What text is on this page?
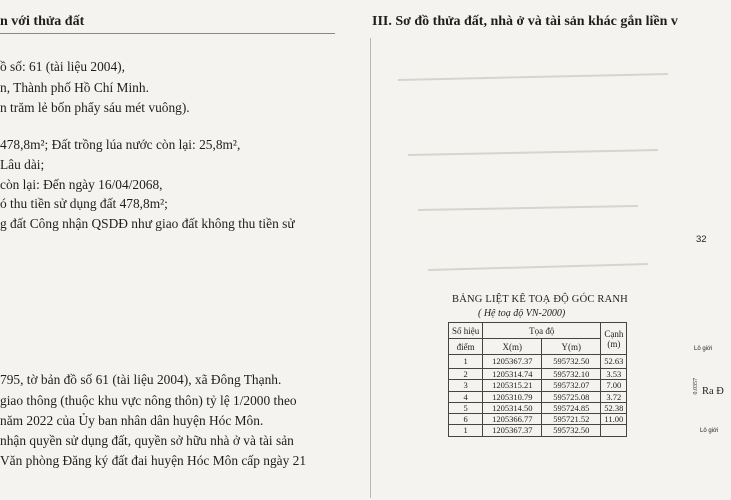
n với thửa đất	III. Sơ đồ thửa đất, nhà ở và tài sản khác gắn liền v
ồ số: 61 (tài liệu 2004),
n, Thành phố Hồ Chí Minh.
n trăm lẻ bốn phẩy sáu mét vuông).
478,8m²; Đất trồng lúa nước còn lại: 25,8m²,
Lâu dài;
còn lại: Đến ngày 16/04/2068,
ó thu tiền sử dụng đất 478,8m²;
g đất Công nhận QSDĐ như giao đất không thu tiền sử
795, tờ bản đồ số 61 (tài liệu 2004), xã Đông Thạnh.
giao thông (thuộc khu vực nông thôn) tỷ lệ 1/2000 theo
năm 2022 của Ủy ban nhân dân huyện Hóc Môn.
nhận quyền sử dụng đất, quyền sở hữu nhà ở và tài sản
Văn phòng Đăng ký đất đai huyện Hóc Môn cấp ngày 21
32
BẢNG LIỆT KÊ TOẠ ĐỘ GÓC RANH
( Hệ toạ độ VN-2000)
Số hiệu	Tọa độ		Cạnh
(m)
điểm	X(m)	Y(m)	
1	1205367.37	595732.50	52.63
2	1205314.74	595732.10	3.53
3	1205315.21	595732.07	7.00
4	1205310.79	595725.08	3.72
5	1205314.50	595724.85	52.38
6	1205366.77	595721.52	11.00
1	1205367.37	595732.50	
Lô giới
0.0357 Ra Đ
Lô giới
